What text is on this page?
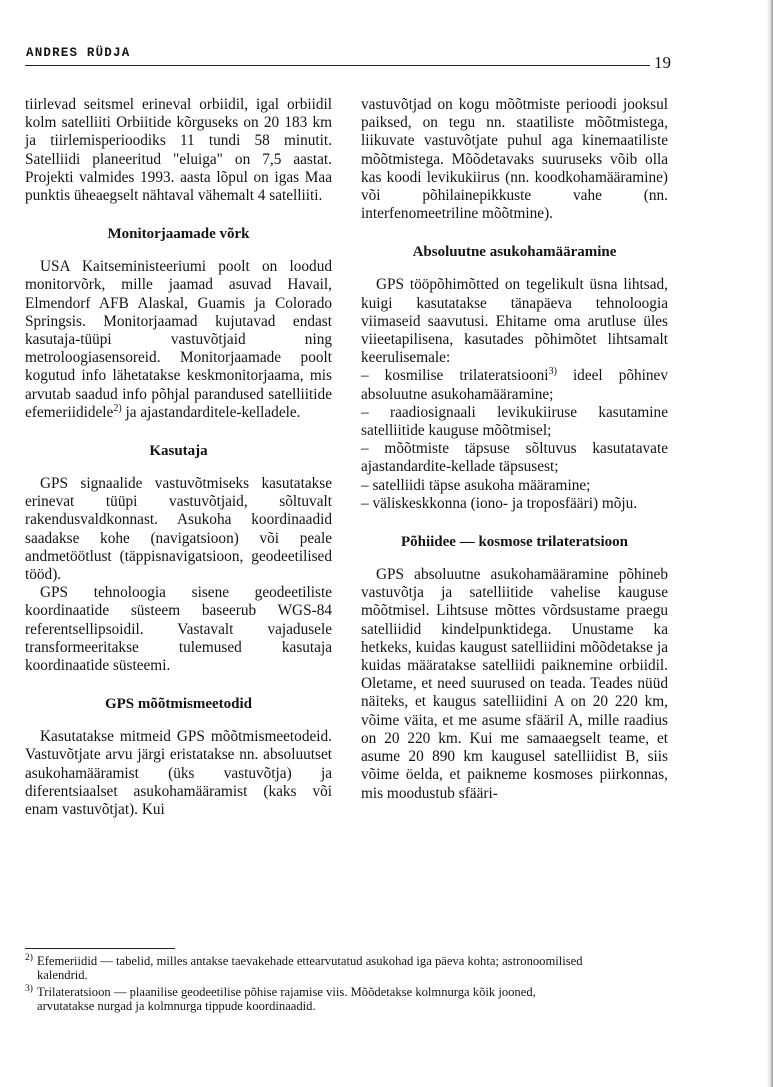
ANDRES RÜDJA	19

tiirlevad seitsmel erineval orbiidil, igal orbiidil kolm satelliiti Orbiitide kõrguseks on 20 183 km ja tiirlemisperioodiks 11 tundi 58 minutit. Satelliidi planeeritud "eluiga" on 7,5 aastat. Projekti valmides 1993. aasta lõpul on igas Maa punktis üheaegselt nähtaval vähemalt 4 satelliiti.

Monitorjaamade võrk

USA Kaitseministeeriumi poolt on loodud monitorvõrk, mille jaamad asuvad Havail, Elmendorf AFB Alaskal, Guamis ja Colorado Springsis. Monitorjaamad kujutavad endast kasutaja-tüüpi vastuvõtjaid ning metroloogiasensoreid. Monitorjaamade poolt kogutud info lähetatakse keskmonitorjaama, mis arvutab saadud info põhjal parandused satelliitide efemeriididele$^{2)}$ ja ajastandarditele-kelladele.

Kasutaja

GPS signaalide vastuvõtmiseks kasutatakse erinevat tüüpi vastuvõtjaid, sõltuvalt rakendusvaldkonnast. Asukoha koordinaadid saadakse kohe (navigatsioon) või peale andmetöötlust (täppisnavigatsioon, geodeetilised tööd).

GPS tehnoloogia sisene geodeetiliste koordinaatide süsteem baseerub WGS-84 referentsellipsoidil. Vastavalt vajadusele transformeeritakse tulemused kasutaja koordinaatide süsteemi.

GPS mõõtmismeetodid

Kasutatakse mitmeid GPS mõõtmismeetodeid. Vastuvõtjate arvu järgi eristatakse nn. absoluutset asukohamääramist (üks vastuvõtja) ja diferentsiaalset asukohamääramist (kaks või enam vastuvõtjat). Kui

vastuvõtjad on kogu mõõtmiste perioodi jooksul paiksed, on tegu nn. staatiliste mõõtmistega, liikuvate vastuvõtjate puhul aga kinemaatiliste mõõtmistega. Mõõdetavaks suuruseks võib olla kas koodi levikukiirus (nn. koodkohamääramine) või põhilainepikkuste vahe (nn. interfenomeetriline mõõtmine).

Absoluutne asukohamääramine

GPS tööpõhimõtted on tegelikult üsna lihtsad, kuigi kasutatakse tänapäeva tehnoloogia viimaseid saavutusi. Ehitame oma arutluse üles viieetapilisena, kasutades põhimõtet lihtsamalt keerulisemale:

– kosmilise trilateratsiooni$^{3)}$ ideel põhinev absoluutne asukohamääramine;
– raadiosignaali levikukiiruse kasutamine satelliitide kauguse mõõtmisel;
– mõõtmiste täpsuse sõltuvus kasutatavate ajastandardite-kellade täpsusest;
– satelliidi täpse asukoha määramine;
– väliskeskkonna (iono- ja troposfääri) mõju.
Põhiidee — kosmose trilateratsioon

GPS absoluutne asukohamääramine põhineb vastuvõtja ja satelliitide vahelise kauguse mõõtmisel. Lihtsuse mõttes võrdsustame praegu satelliidid kindelpunktidega. Unustame ka hetkeks, kuidas kaugust satelliidini mõõdetakse ja kuidas määratakse satelliidi paiknemine orbiidil. Oletame, et need suurused on teada. Teades nüüd näiteks, et kaugus satelliidini A on 20 220 km, võime väita, et me asume sfääril A, mille raadius on 20 220 km. Kui me samaaegselt teame, et asume 20 890 km kaugusel satelliidist B, siis võime öelda, et paikneme kosmoses piirkonnas, mis moodustub sfääri-

2) Efemeriidid — tabelid, milles antakse taevakehade ettearvutatud asukohad iga päeva kohta; astronoomilised kalendrid.
3) Trilateratsioon — plaanilise geodeetilise põhise rajamise viis. Mõõdetakse kolmnurga kõik jooned, arvutatakse nurgad ja kolmnurga tippude koordinaadid.
